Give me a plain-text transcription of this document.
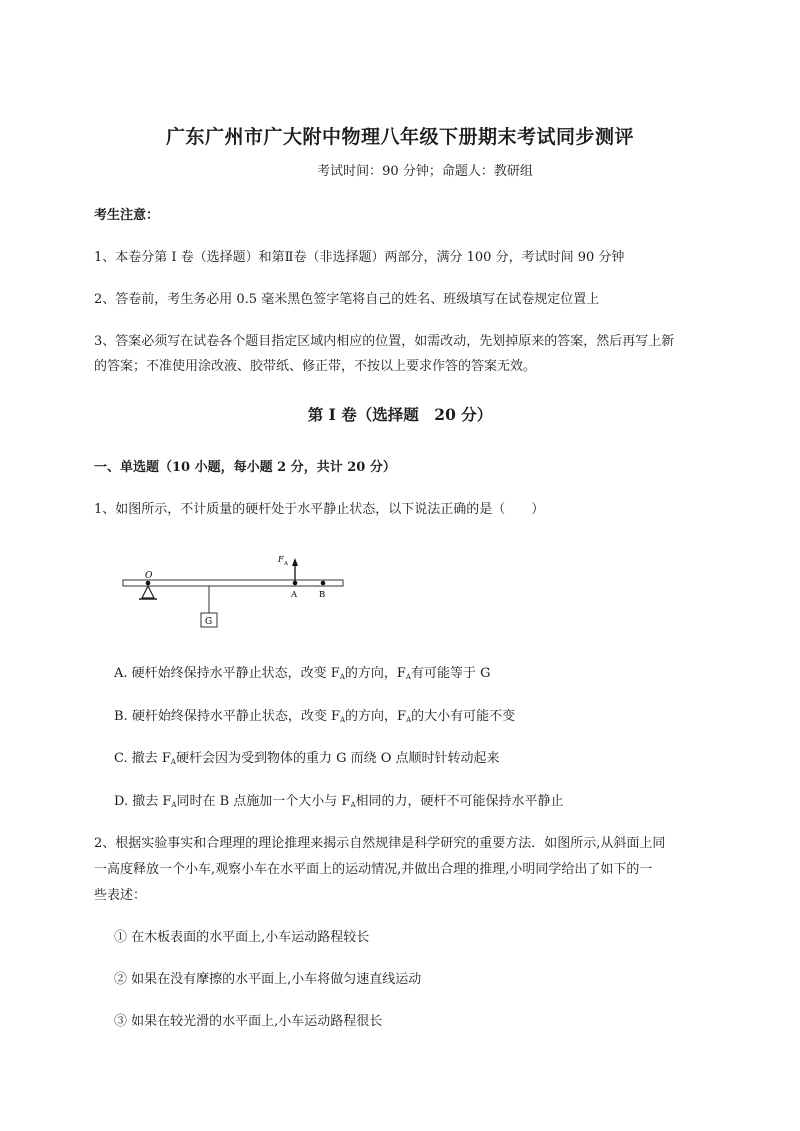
广东广州市广大附中物理八年级下册期末考试同步测评
考试时间：90 分钟；命题人：教研组
考生注意：
1、本卷分第 I 卷（选择题）和第Ⅱ卷（非选择题）两部分，满分 100 分，考试时间 90 分钟
2、答卷前，考生务必用 0.5 毫米黑色签字笔将自己的姓名、班级填写在试卷规定位置上
3、答案必须写在试卷各个题目指定区域内相应的位置，如需改动，先划掉原来的答案，然后再写上新
的答案；不准使用涂改液、胶带纸、修正带，不按以上要求作答的答案无效。
第 I 卷（选择题　20 分）
一、单选题（10 小题，每小题 2 分，共计 20 分）
1、如图所示，不计质量的硬杆处于水平静止状态，以下说法正确的是（　　）
O
G
F A
A	B
A. 硬杆始终保持水平静止状态，改变 $F_A$的方向，$F_A$有可能等于 G
B. 硬杆始终保持水平静止状态，改变 $F_A$的方向，$F_A$的大小有可能不变
C. 撤去 $F_A$硬杆会因为受到物体的重力 G 而绕 O 点顺时针转动起来
D. 撤去 $F_A$同时在 B 点施加一个大小与 $F_A$相同的力，硬杆不可能保持水平静止
2、根据实验事实和合理理的理论推理来揭示自然规律是科学研究的重要方法．如图所示,从斜面上同
一高度释放一个小车,观察小车在水平面上的运动情况,并做出合理的推理,小明同学给出了如下的一
些表述：
① 在木板表面的水平面上,小车运动路程较长
② 如果在没有摩擦的水平面上,小车将做匀速直线运动
③ 如果在较光滑的水平面上,小车运动路程很长
